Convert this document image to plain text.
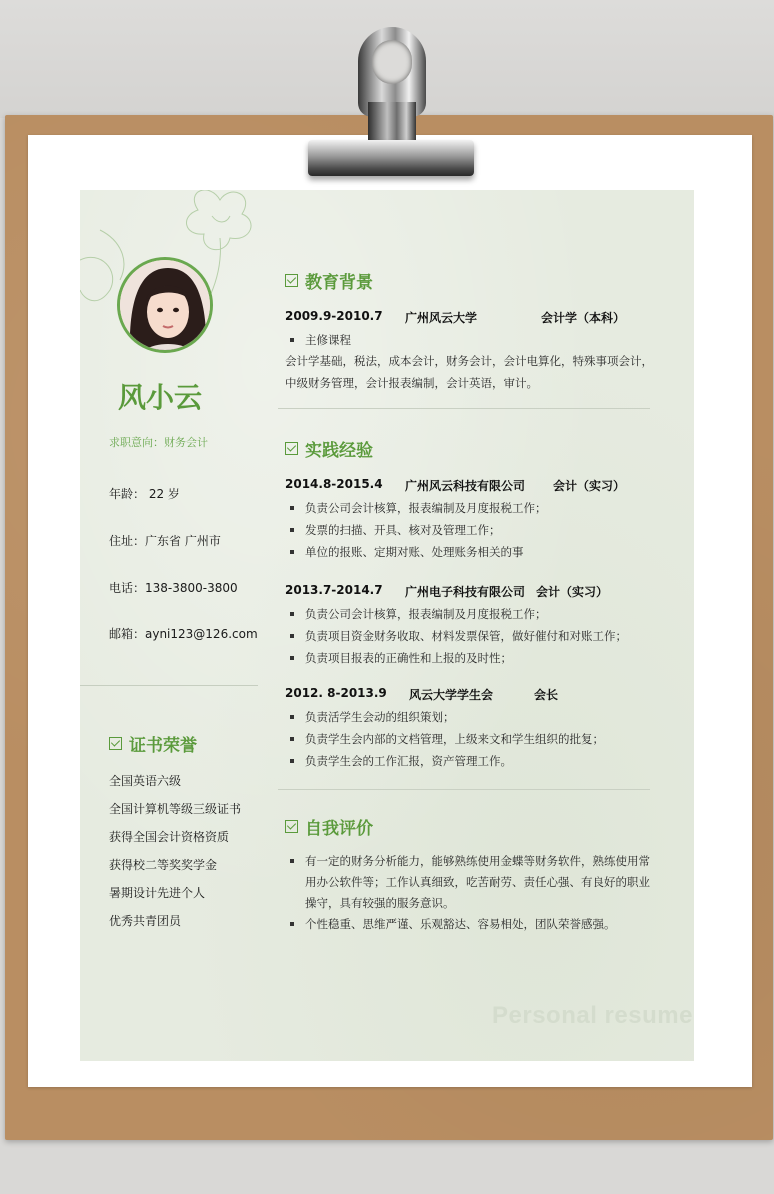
风小云
求职意向：财务会计
年龄： 22 岁
住址：广东省 广州市
电话：138-3800-3800
邮箱：ayni123@126.com
证书荣誉
全国英语六级
全国计算机等级三级证书
获得全国会计资格资质
获得校二等奖奖学金
暑期设计先进个人
优秀共青团员
教育背景
2009.9-2010.7 广州风云大学	会计学（本科）
主修课程
会计学基础，税法，成本会计，财务会计，会计电算化，特殊事项会计，
中级财务管理，会计报表编制，会计英语，审计。
实践经验
2014.8-2015.4 广州风云科技有限公司 会计（实习）
负责公司会计核算，报表编制及月度报税工作；
发票的扫描、开具、核对及管理工作；
单位的报账、定期对账、处理账务相关的事
2013.7-2014.7 广州电子科技有限公司 会计（实习）
负责公司会计核算，报表编制及月度报税工作；
负责项目资金财务收取、材料发票保管，做好催付和对账工作；
负责项目报表的正确性和上报的及时性；
2012. 8-2013.9 风云大学学生会	会长
负责活学生会动的组织策划；
负责学生会内部的文档管理，上级来文和学生组织的批复；
负责学生会的工作汇报，资产管理工作。
自我评价
有一定的财务分析能力，能够熟练使用金蝶等财务软件，熟练使用常用办公软件等；工作认真细致，吃苦耐劳、责任心强、有良好的职业操守，具有较强的服务意识。
个性稳重、思维严谨、乐观豁达、容易相处，团队荣誉感强。
Personal resume
